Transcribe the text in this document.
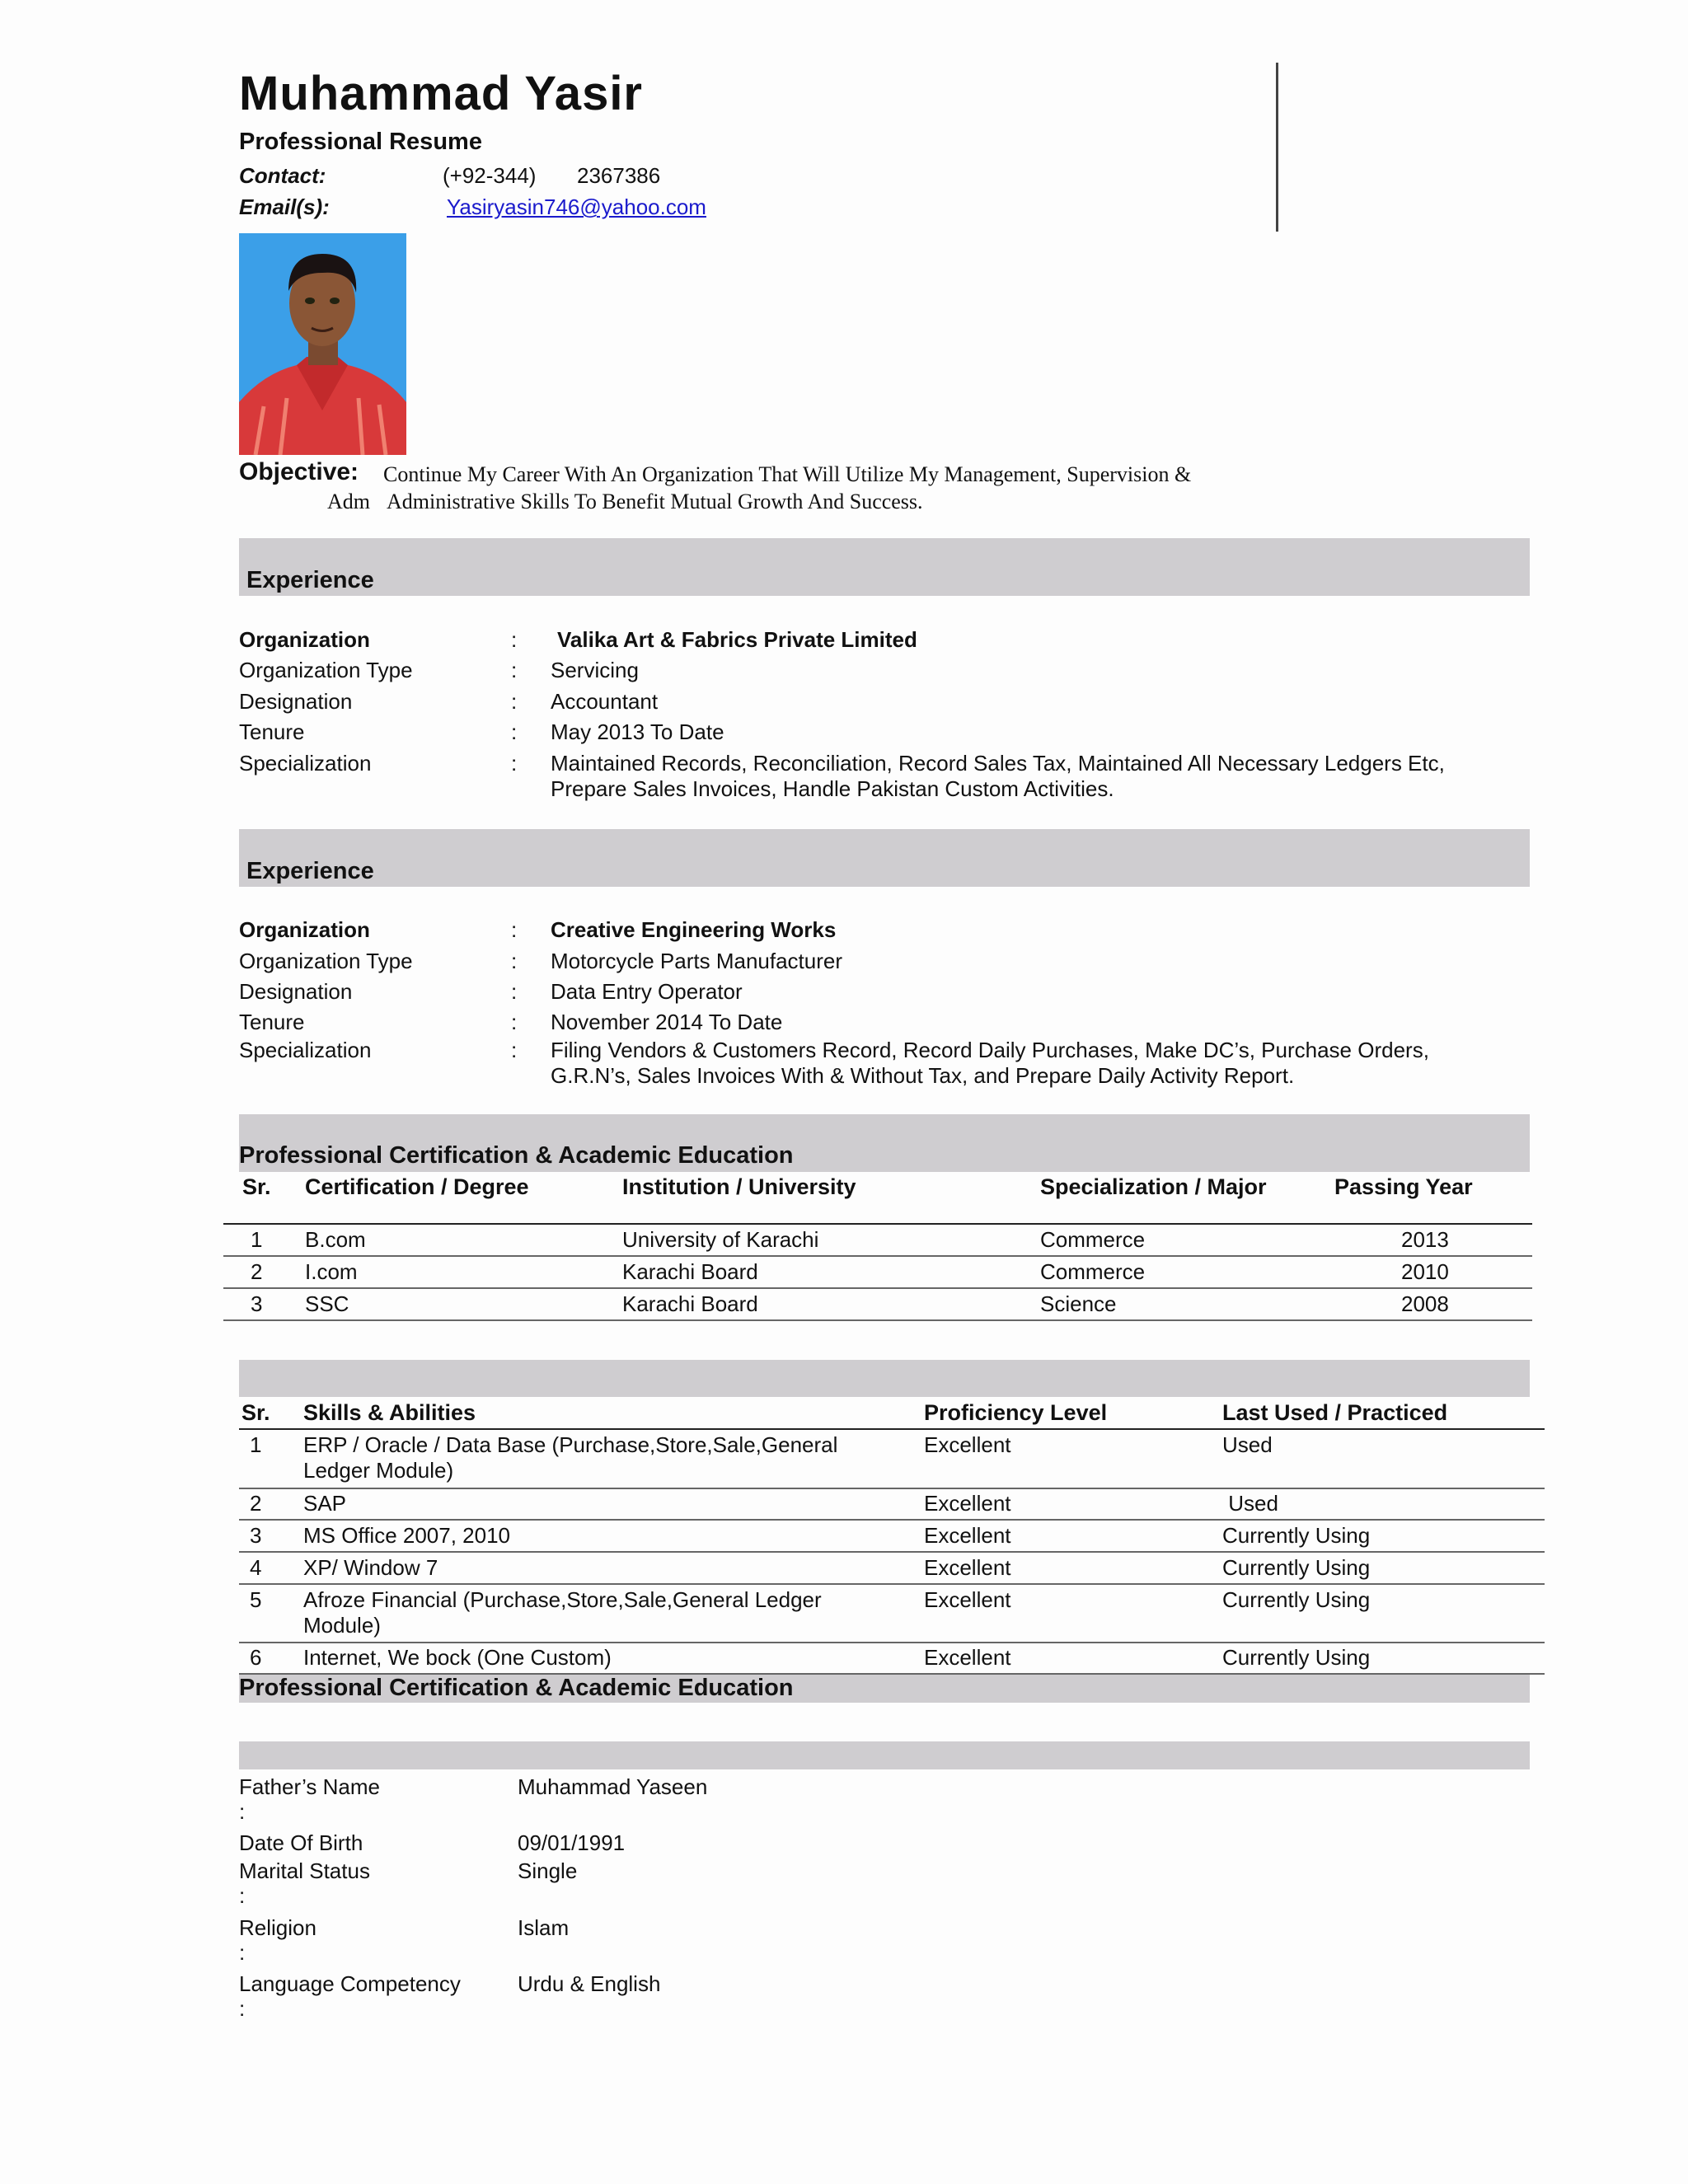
Muhammad Yasir
Professional Resume
Contact:	(+92-344) 2367386
Email(s):	Yasiryasin746@yahoo.com
Objective: Continue My Career With An Organization That Will Utilize My Management, Supervision &
Adm Administrative Skills To Benefit Mutual Growth And Success.
Experience
Organization	: Valika Art & Fabrics Private Limited
Organization Type	: Servicing
Designation	: Accountant
Tenure	: May 2013 To Date
Specialization	: Maintained Records, Reconciliation, Record Sales Tax, Maintained All Necessary Ledgers Etc,
Prepare Sales Invoices, Handle Pakistan Custom Activities.
Experience
Organization	: Creative Engineering Works
Organization Type	: Motorcycle Parts Manufacturer
Designation	: Data Entry Operator
Tenure	: November 2014 To Date
Specialization	: Filing Vendors & Customers Record, Record Daily Purchases, Make DC’s, Purchase Orders,
G.R.N’s, Sales Invoices With & Without Tax, and Prepare Daily Activity Report.
Professional Certification & Academic Education
Sr. Certification / Degree	Institution / University	Specialization / Major	Passing Year
1 B.com	University of Karachi	Commerce	2013
2 I.com	Karachi Board	Commerce	2010
3 SSC	Karachi Board	Science	2008
Sr. Skills & Abilities	Proficiency Level	Last Used / Practiced
1 ERP / Oracle / Data Base (Purchase,Store,Sale,General
Ledger Module)
Excellent	Used
2 SAP	Excellent	Used
3 MS Office 2007, 2010	Excellent	Currently Using
4 XP/ Window 7	Excellent	Currently Using
5 Afroze Financial (Purchase,Store,Sale,General Ledger
Module)
Excellent	Currently Using
6 Internet, We bock (One Custom)	Excellent	Currently Using
Professional Certification & Academic Education
Father’s Name
:
Muhammad Yaseen
Date Of Birth	09/01/1991
Marital Status
:
Single
Religion
:
Islam
Language Competency
:
Urdu & English
